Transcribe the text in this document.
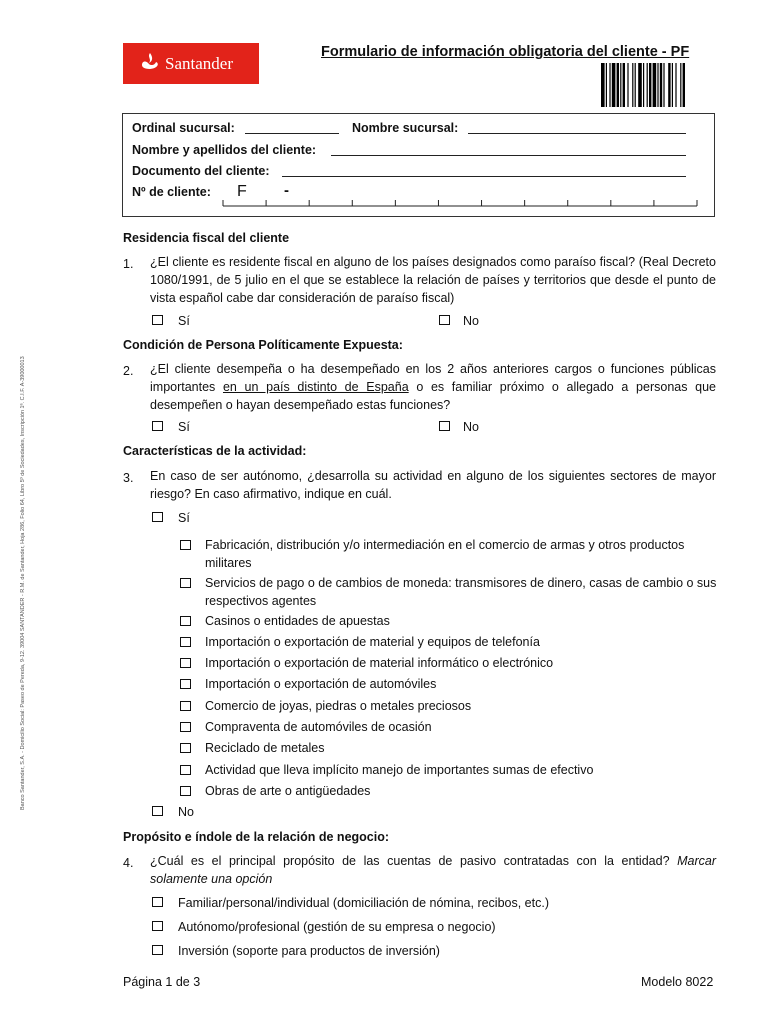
Banco Santander, S.A. - Domicilio Social: Paseo de Pereda, 9-12. 39004 SANTANDER - R.M. de Santander, Hoja 286, Folio 64, Libro 5º de Sociedades, Inscripción 1ª. C.I.F. A-39000013
Santander
Formulario de información obligatoria del cliente - PF
Ordinal sucursal:	Nombre sucursal:
Nombre y apellidos del cliente:
Documento del cliente:
Nº de cliente: F -
Residencia fiscal del cliente
1. ¿El cliente es residente fiscal en alguno de los países designados como paraíso fiscal? (Real Decreto 1080/1991, de 5 julio en el que se establece la relación de países y territorios que desde el punto de vista español cabe dar consideración de paraíso fiscal)
Sí	No
Condición de Persona Políticamente Expuesta:
2. ¿El cliente desempeña o ha desempeñado en los 2 años anteriores cargos o funciones públicas importantes en un país distinto de España o es familiar próximo o allegado a personas que desempeñen o hayan desempeñado estas funciones?
Sí	No
Características de la actividad:
3. En caso de ser autónomo, ¿desarrolla su actividad en alguno de los siguientes sectores de mayor riesgo? En caso afirmativo, indique en cuál.
Sí
Fabricación, distribución y/o intermediación en el comercio de armas y otros productos militares
Servicios de pago o de cambios de moneda: transmisores de dinero, casas de cambio o sus respectivos agentes
Casinos o entidades de apuestas
Importación o exportación de material y equipos de telefonía
Importación o exportación de material informático o electrónico
Importación o exportación de automóviles
Comercio de joyas, piedras o metales preciosos
Compraventa de automóviles de ocasión
Reciclado de metales
Actividad que lleva implícito manejo de importantes sumas de efectivo
Obras de arte o antigüedades
No
Propósito e índole de la relación de negocio:
4. ¿Cuál es el principal propósito de las cuentas de pasivo contratadas con la entidad? Marcar solamente una opción
Familiar/personal/individual (domiciliación de nómina, recibos, etc.)
Autónomo/profesional (gestión de su empresa o negocio)
Inversión (soporte para productos de inversión)
Página 1 de 3	Modelo 8022
